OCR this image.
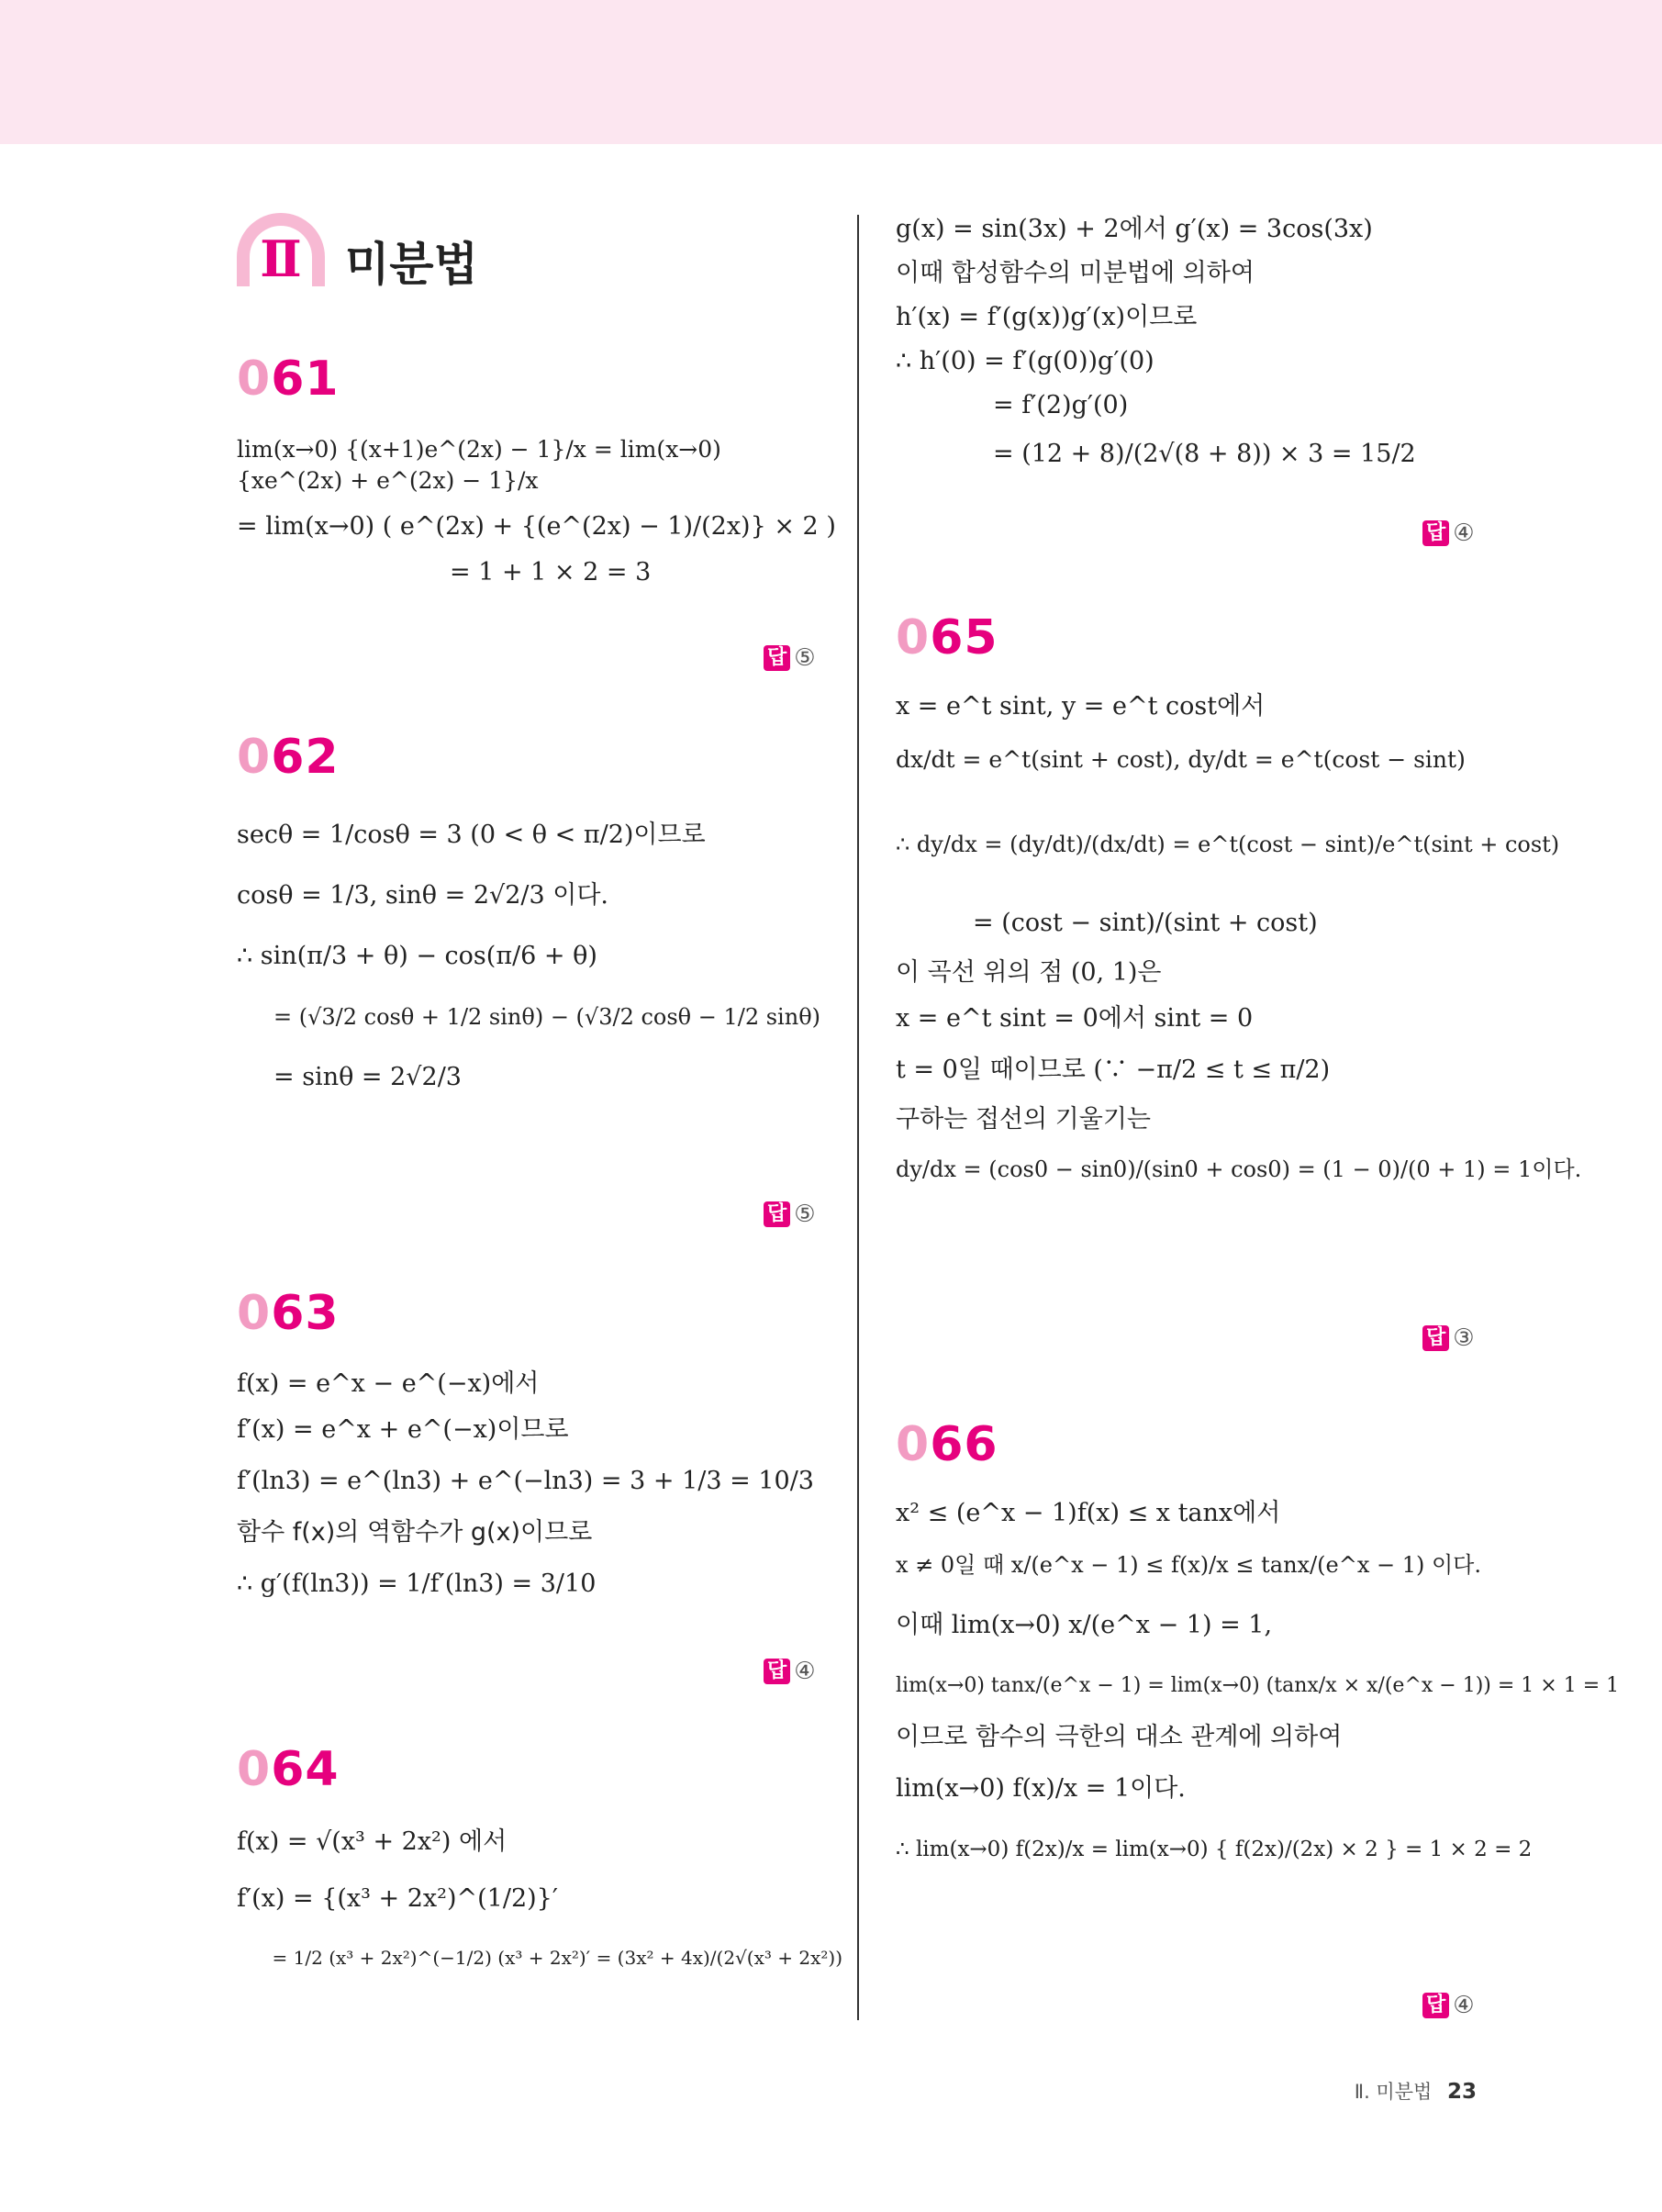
Ⅱ 미분법
061
lim(x→0) {(x+1)e^(2x) − 1}/x = lim(x→0) {xe^(2x) + e^(2x) − 1}/x
= lim(x→0) ( e^(2x) + {(e^(2x) − 1)/(2x)} × 2 )
= 1 + 1 × 2 = 3
답 ⑤
062
secθ = 1/cosθ = 3 (0 < θ < π/2)이므로
cosθ = 1/3, sinθ = 2√2/3 이다.
∴ sin(π/3 + θ) − cos(π/6 + θ)
= (√3/2 cosθ + 1/2 sinθ) − (√3/2 cosθ − 1/2 sinθ)
= sinθ = 2√2/3
답 ⑤
063
f(x) = e^x − e^(−x)에서
f′(x) = e^x + e^(−x)이므로
f′(ln3) = e^(ln3) + e^(−ln3) = 3 + 1/3 = 10/3
함수 f(x)의 역함수가 g(x)이므로
∴ g′(f(ln3)) = 1/f′(ln3) = 3/10
답 ④
064
f(x) = √(x³ + 2x²) 에서
f′(x) = {(x³ + 2x²)^(1/2)}′
= 1/2 (x³ + 2x²)^(−1/2) (x³ + 2x²)′ = (3x² + 4x)/(2√(x³ + 2x²))
g(x) = sin(3x) + 2에서 g′(x) = 3cos(3x)
이때 합성함수의 미분법에 의하여
h′(x) = f′(g(x))g′(x)이므로
∴ h′(0) = f′(g(0))g′(0)
= f′(2)g′(0)
= (12 + 8)/(2√(8 + 8)) × 3 = 15/2
답 ④
065
x = e^t sint, y = e^t cost에서
dx/dt = e^t(sint + cost), dy/dt = e^t(cost − sint)
∴ dy/dx = (dy/dt)/(dx/dt) = e^t(cost − sint)/e^t(sint + cost)
= (cost − sint)/(sint + cost)
이 곡선 위의 점 (0, 1)은
x = e^t sint = 0에서 sint = 0
t = 0일 때이므로 (∵ −π/2 ≤ t ≤ π/2)
구하는 접선의 기울기는
dy/dx = (cos0 − sin0)/(sin0 + cos0) = (1 − 0)/(0 + 1) = 1이다.
답 ③
066
x² ≤ (e^x − 1)f(x) ≤ x tanx에서
x ≠ 0일 때 x/(e^x − 1) ≤ f(x)/x ≤ tanx/(e^x − 1) 이다.
이때 lim(x→0) x/(e^x − 1) = 1,
lim(x→0) tanx/(e^x − 1) = lim(x→0) (tanx/x × x/(e^x − 1)) = 1 × 1 = 1
이므로 함수의 극한의 대소 관계에 의하여
lim(x→0) f(x)/x = 1이다.
∴ lim(x→0) f(2x)/x = lim(x→0) { f(2x)/(2x) × 2 } = 1 × 2 = 2
답 ④
Ⅱ. 미분법 23
